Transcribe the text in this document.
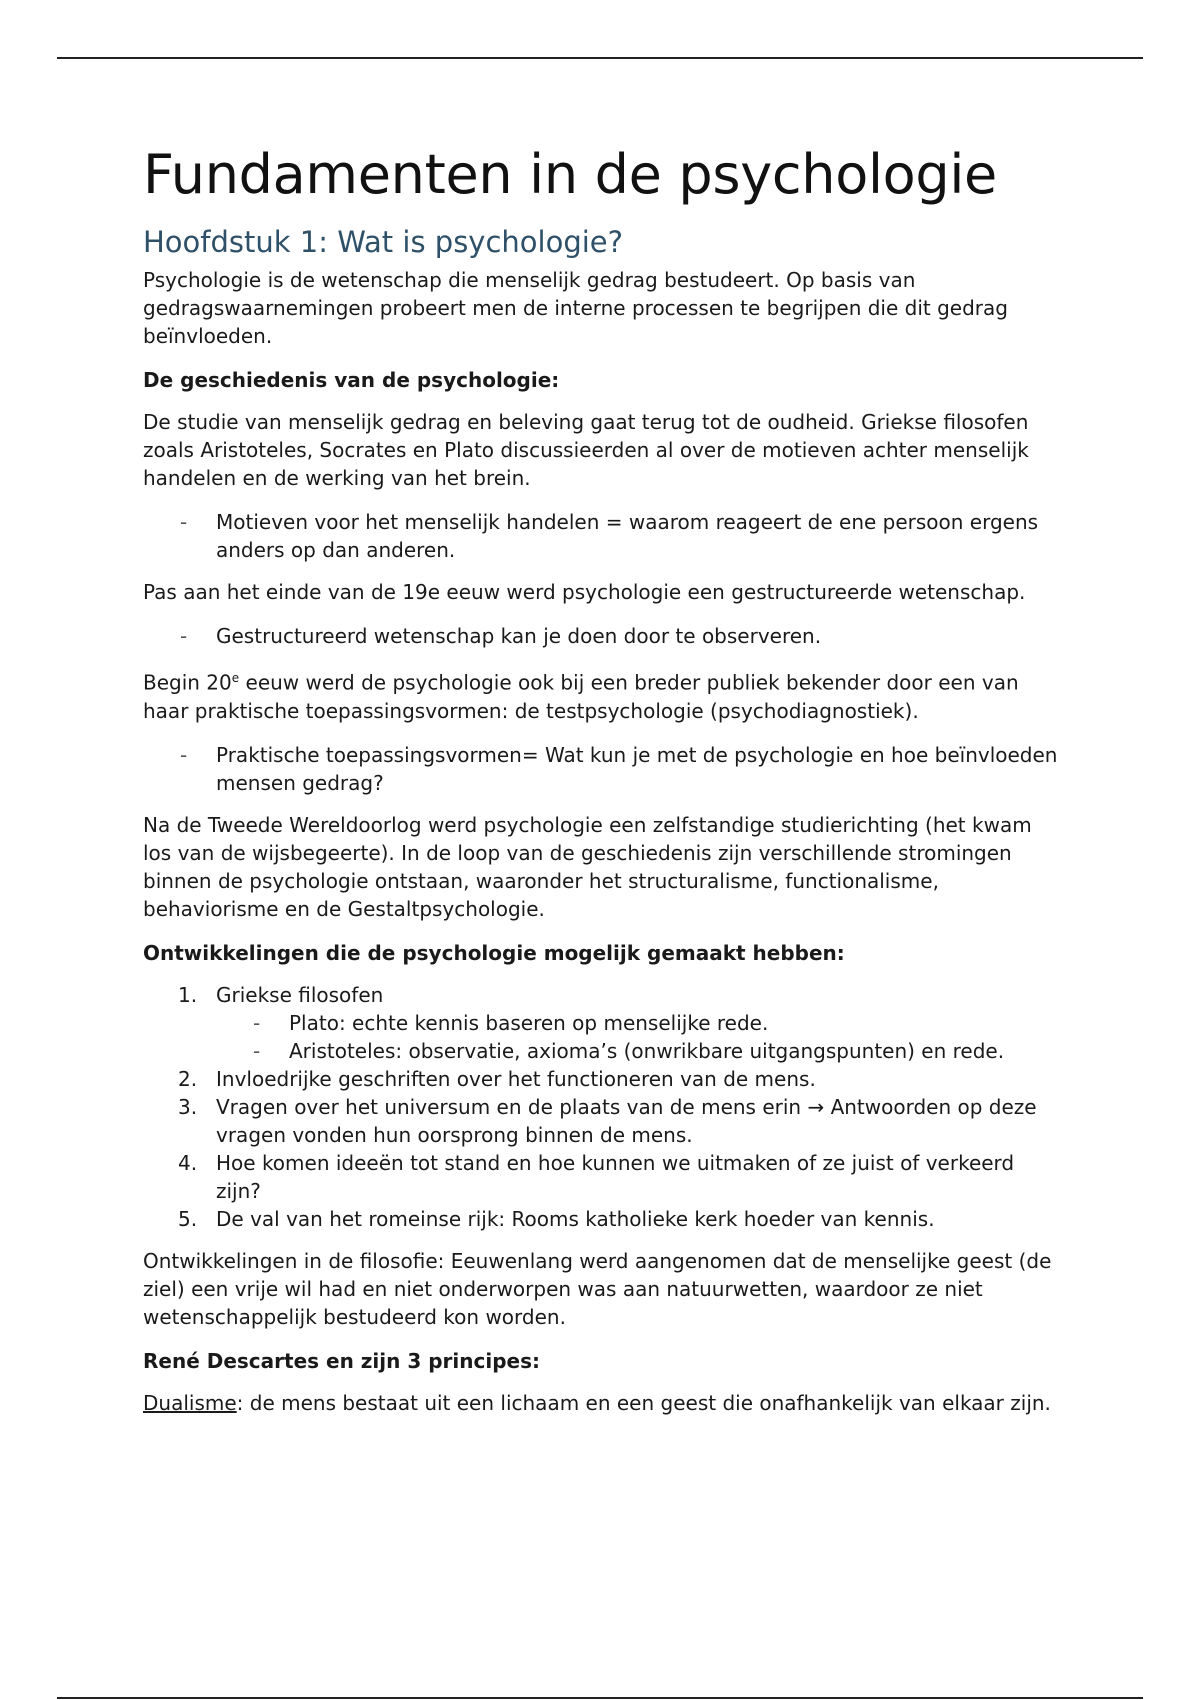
Fundamenten in de psychologie
Hoofdstuk 1: Wat is psychologie?

Psychologie is de wetenschap die menselijk gedrag bestudeert. Op basis van gedragswaarnemingen probeert men de interne processen te begrijpen die dit gedrag beïnvloeden.

De geschiedenis van de psychologie:

De studie van menselijk gedrag en beleving gaat terug tot de oudheid. Griekse filosofen zoals Aristoteles, Socrates en Plato discussieerden al over de motieven achter menselijk handelen en de werking van het brein.

- Motieven voor het menselijk handelen = waarom reageert de ene persoon ergens anders op dan anderen.

Pas aan het einde van de 19e eeuw werd psychologie een gestructureerde wetenschap.

- Gestructureerd wetenschap kan je doen door te observeren.

Begin 20e eeuw werd de psychologie ook bij een breder publiek bekender door een van haar praktische toepassingsvormen: de testpsychologie (psychodiagnostiek).

- Praktische toepassingsvormen= Wat kun je met de psychologie en hoe beïnvloeden mensen gedrag?

Na de Tweede Wereldoorlog werd psychologie een zelfstandige studierichting (het kwam los van de wijsbegeerte). In de loop van de geschiedenis zijn verschillende stromingen binnen de psychologie ontstaan, waaronder het structuralisme, functionalisme, behaviorisme en de Gestaltpsychologie.

Ontwikkelingen die de psychologie mogelijk gemaakt hebben:

1. Griekse filosofen
- Plato: echte kennis baseren op menselijke rede.
- Aristoteles: observatie, axioma’s (onwrikbare uitgangspunten) en rede.
2. Invloedrijke geschriften over het functioneren van de mens.
3. Vragen over het universum en de plaats van de mens erin → Antwoorden op deze vragen vonden hun oorsprong binnen de mens.
4. Hoe komen ideeën tot stand en hoe kunnen we uitmaken of ze juist of verkeerd zijn?
5. De val van het romeinse rijk: Rooms katholieke kerk hoeder van kennis.

Ontwikkelingen in de filosofie: Eeuwenlang werd aangenomen dat de menselijke geest (de ziel) een vrije wil had en niet onderworpen was aan natuurwetten, waardoor ze niet wetenschappelijk bestudeerd kon worden.

René Descartes en zijn 3 principes:

Dualisme: de mens bestaat uit een lichaam en een geest die onafhankelijk van elkaar zijn.
